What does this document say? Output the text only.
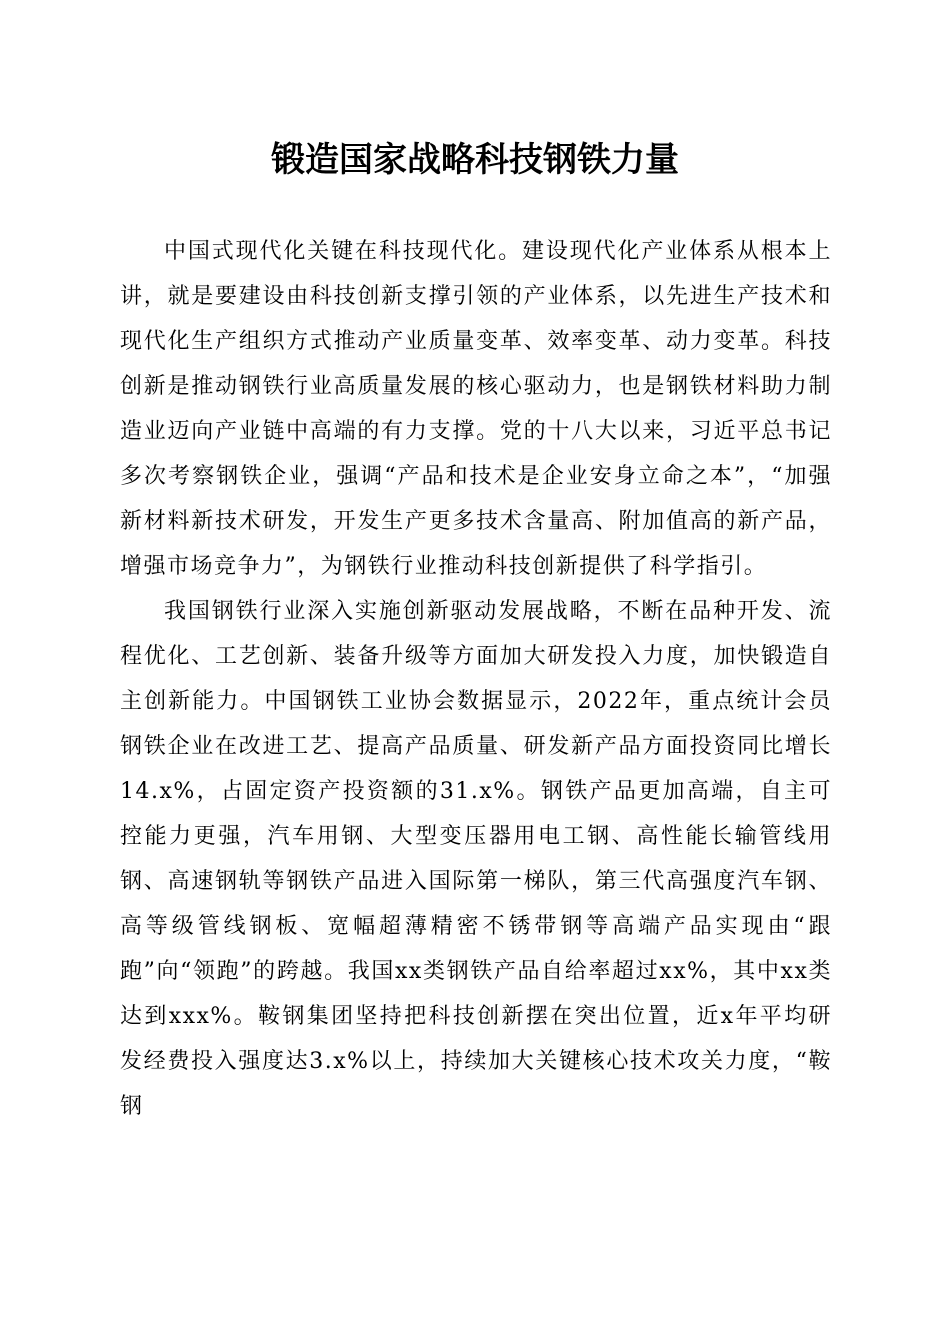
锻造国家战略科技钢铁力量

中国式现代化关键在科技现代化。建设现代化产业体系从根本上讲，就是要建设由科技创新支撑引领的产业体系，以先进生产技术和现代化生产组织方式推动产业质量变革、效率变革、动力变革。科技创新是推动钢铁行业高质量发展的核心驱动力，也是钢铁材料助力制造业迈向产业链中高端的有力支撑。党的十八大以来，习近平总书记多次考察钢铁企业，强调“产品和技术是企业安身立命之本”，“加强新材料新技术研发，开发生产更多技术含量高、附加值高的新产品，增强市场竞争力”，为钢铁行业推动科技创新提供了科学指引。

我国钢铁行业深入实施创新驱动发展战略，不断在品种开发、流程优化、工艺创新、装备升级等方面加大研发投入力度，加快锻造自主创新能力。中国钢铁工业协会数据显示，2022年，重点统计会员钢铁企业在改进工艺、提高产品质量、研发新产品方面投资同比增长14.x%，占固定资产投资额的31.x%。钢铁产品更加高端，自主可控能力更强，汽车用钢、大型变压器用电工钢、高性能长输管线用钢、高速钢轨等钢铁产品进入国际第一梯队，第三代高强度汽车钢、高等级管线钢板、宽幅超薄精密不锈带钢等高端产品实现由“跟跑”向“领跑”的跨越。我国xx类钢铁产品自给率超过xx%，其中xx类达到xxx%。鞍钢集团坚持把科技创新摆在突出位置，近x年平均研发经费投入强度达3.x%以上，持续加大关键核心技术攻关力度，“鞍钢
